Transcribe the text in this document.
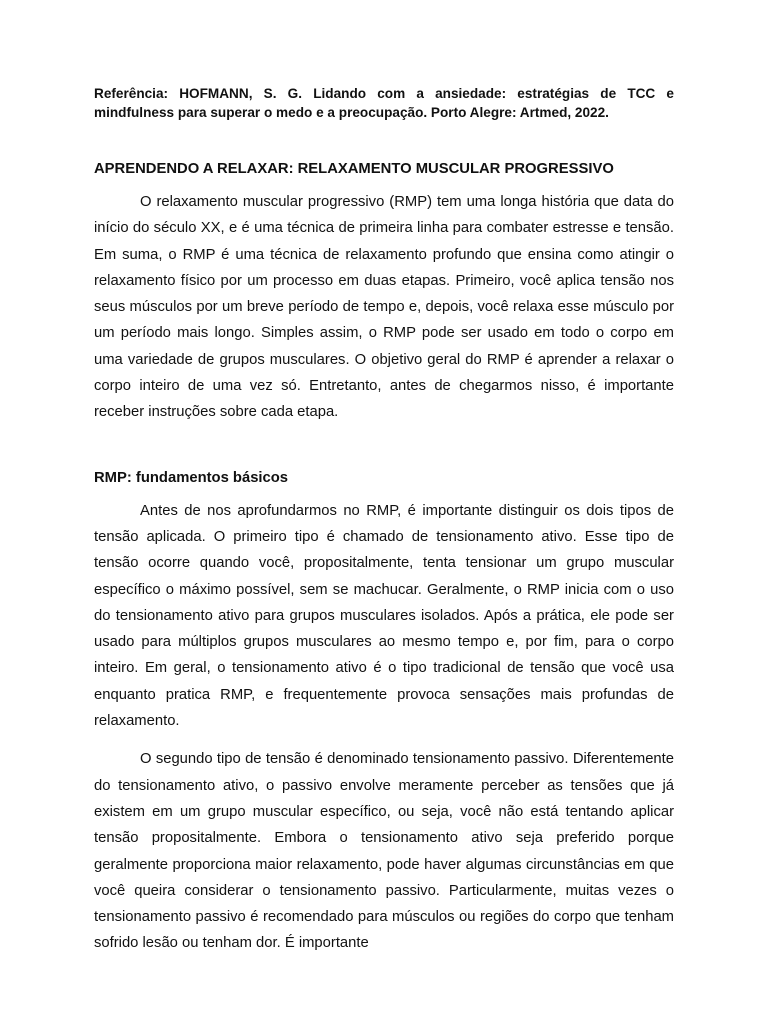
Referência: HOFMANN, S. G. Lidando com a ansiedade: estratégias de TCC e mindfulness para superar o medo e a preocupação. Porto Alegre: Artmed, 2022.

APRENDENDO A RELAXAR: RELAXAMENTO MUSCULAR PROGRESSIVO

O relaxamento muscular progressivo (RMP) tem uma longa história que data do início do século XX, e é uma técnica de primeira linha para combater estresse e tensão. Em suma, o RMP é uma técnica de relaxamento profundo que ensina como atingir o relaxamento físico por um processo em duas etapas. Primeiro, você aplica tensão nos seus músculos por um breve período de tempo e, depois, você relaxa esse músculo por um período mais longo. Simples assim, o RMP pode ser usado em todo o corpo em uma variedade de grupos musculares. O objetivo geral do RMP é aprender a relaxar o corpo inteiro de uma vez só. Entretanto, antes de chegarmos nisso, é importante receber instruções sobre cada etapa.

RMP: fundamentos básicos

Antes de nos aprofundarmos no RMP, é importante distinguir os dois tipos de tensão aplicada. O primeiro tipo é chamado de tensionamento ativo. Esse tipo de tensão ocorre quando você, propositalmente, tenta tensionar um grupo muscular específico o máximo possível, sem se machucar. Geralmente, o RMP inicia com o uso do tensionamento ativo para grupos musculares isolados. Após a prática, ele pode ser usado para múltiplos grupos musculares ao mesmo tempo e, por fim, para o corpo inteiro. Em geral, o tensionamento ativo é o tipo tradicional de tensão que você usa enquanto pratica RMP, e frequentemente provoca sensações mais profundas de relaxamento.

O segundo tipo de tensão é denominado tensionamento passivo. Diferentemente do tensionamento ativo, o passivo envolve meramente perceber as tensões que já existem em um grupo muscular específico, ou seja, você não está tentando aplicar tensão propositalmente. Embora o tensionamento ativo seja preferido porque geralmente proporciona maior relaxamento, pode haver algumas circunstâncias em que você queira considerar o tensionamento passivo. Particularmente, muitas vezes o tensionamento passivo é recomendado para músculos ou regiões do corpo que tenham sofrido lesão ou tenham dor. É importante
